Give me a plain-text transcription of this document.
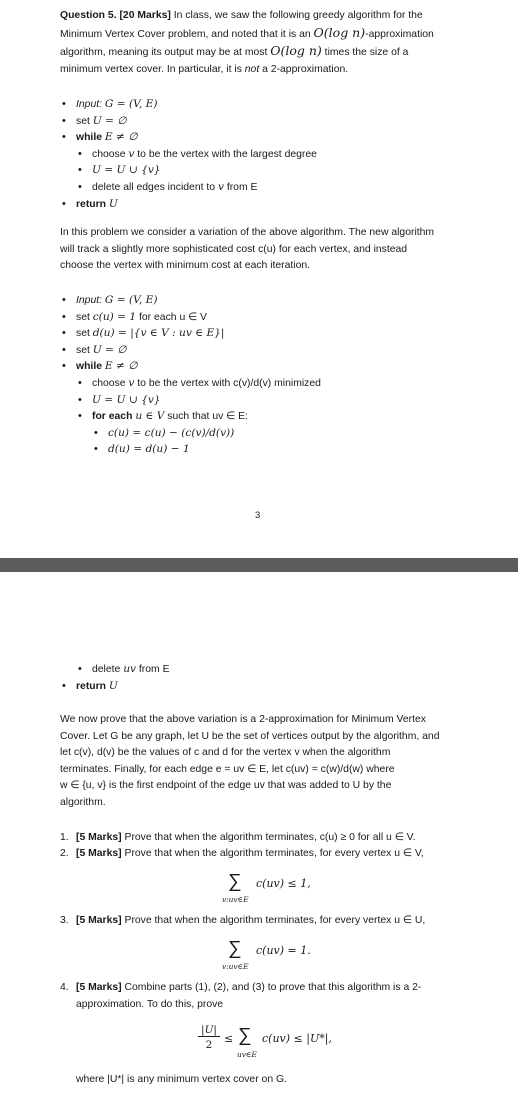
Question 5. [20 Marks] In class, we saw the following greedy algorithm for the
Minimum Vertex Cover problem, and noted that it is an O(log n)-approximation
algorithm, meaning its output may be at most O(log n) times the size of a
minimum vertex cover. In particular, it is not a 2-approximation.

• Input: G = (V, E)
• set U = ∅
• while E ≠ ∅
• choose v to be the vertex with the largest degree
• U = U ∪ {v}
• delete all edges incident to v from E
• return U

In this problem we consider a variation of the above algorithm. The new algorithm
will track a slightly more sophisticated cost c(u) for each vertex, and instead
choose the vertex with minimum cost at each iteration.

• Input: G = (V, E)
• set c(u) = 1 for each u ∈ V
• set d(u) = |{v ∈ V : uv ∈ E}|
• set U = ∅
• while E ≠ ∅
• choose v to be the vertex with c(v)/d(v) minimized
• U = U ∪ {v}
• for each u ∈ V such that uv ∈ E:
• c(u) = c(u) − (c(v)/d(v))
• d(u) = d(u) − 1
3
• delete uv from E
• return U

We now prove that the above variation is a 2-approximation for Minimum Vertex
Cover. Let G be any graph, let U be the set of vertices output by the algorithm, and
let c(v), d(v) be the values of c and d for the vertex v when the algorithm
terminates. Finally, for each edge e = uv ∈ E, let c(uv) = c(w)/d(w) where
w ∈ {u, v} is the first endpoint of the edge uv that was added to U by the
algorithm.

1. [5 Marks] Prove that when the algorithm terminates, c(u) ≥ 0 for all u ∈ V.
2. [5 Marks] Prove that when the algorithm terminates, for every vertex u ∈ V,
∑ c(uv) ≤ 1,
v:uv∈E
3. [5 Marks] Prove that when the algorithm terminates, for every vertex u ∈ U,
∑ c(uv) = 1.
v:uv∈E
4. [5 Marks] Combine parts (1), (2), and (3) to prove that this algorithm is a 2-
approximation. To do this, prove
|U|
2	≤ ∑ c(uv) ≤ |U*|,
uv∈E
where |U*| is any minimum vertex cover on G.
